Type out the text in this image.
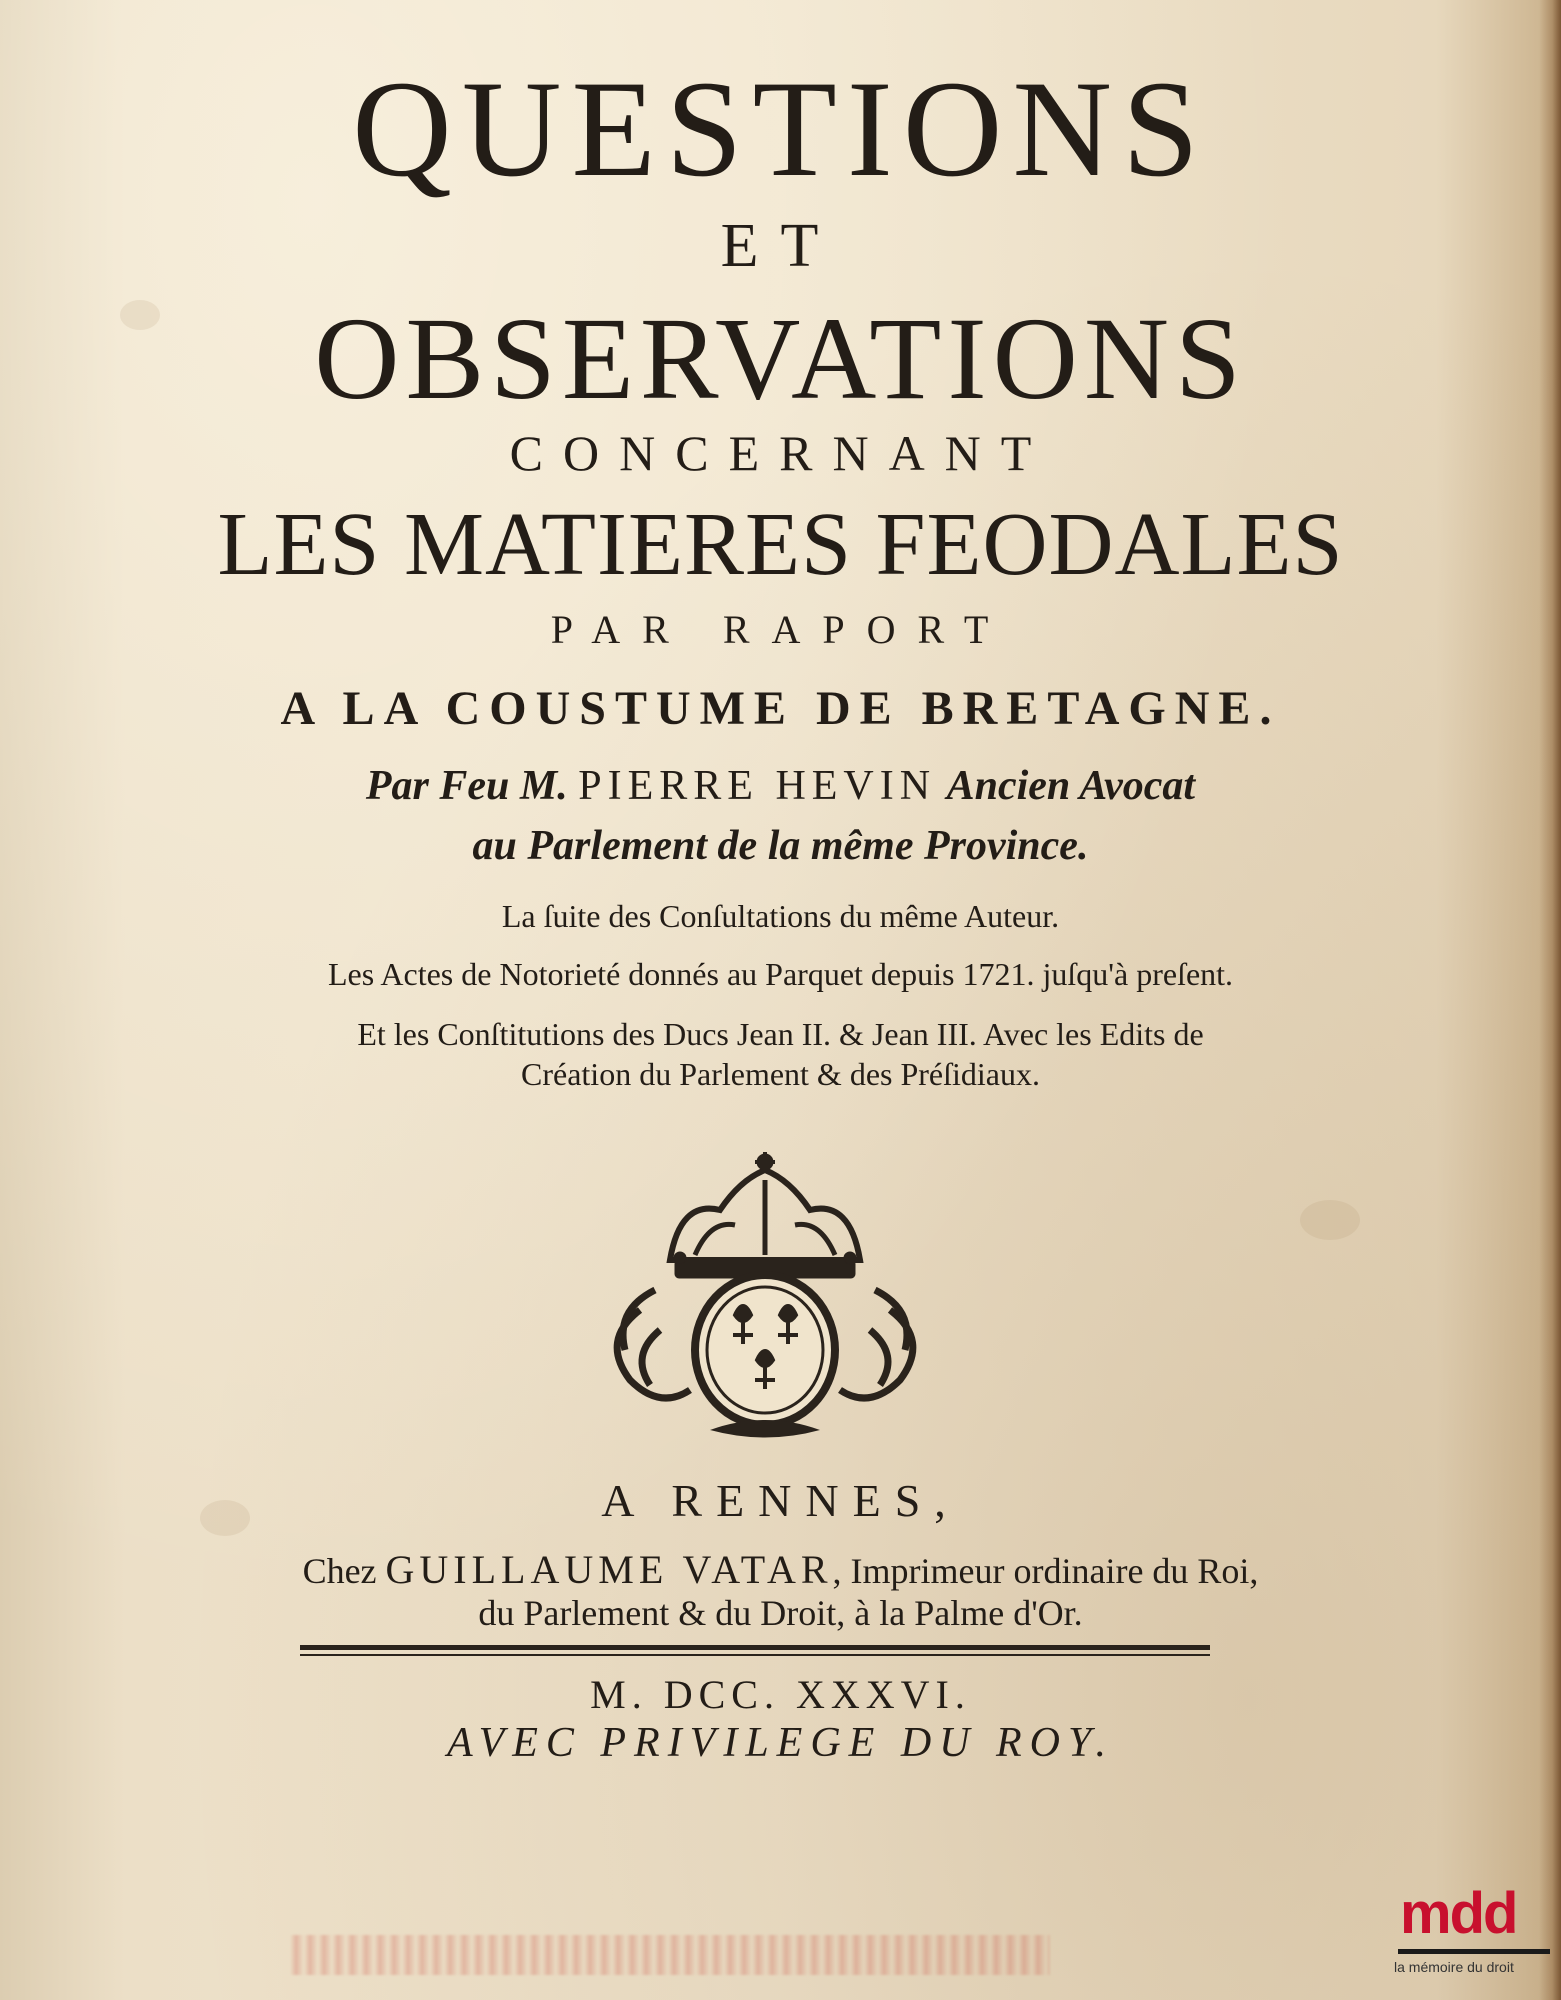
QUESTIONS
ET
OBSERVATIONS
CONCERNANT
LES MATIERES FEODALES
PAR RAPORT
A LA COUSTUME DE BRETAGNE.
Par Feu M. PIERRE HEVIN Ancien Avocat
au Parlement de la même Province.
La ſuite des Conſultations du même Auteur.
Les Actes de Notorieté donnés au Parquet depuis 1721. juſqu'à preſent.
Et les Conſtitutions des Ducs Jean II. & Jean III. Avec les Edits de
Création du Parlement & des Préſidiaux.
A RENNES,
Chez GUILLAUME VATAR, Imprimeur ordinaire du Roi,
du Parlement & du Droit, à la Palme d'Or.
M. DCC. XXXVI.
AVEC PRIVILEGE DU ROY.
mdd
la mémoire du droit
